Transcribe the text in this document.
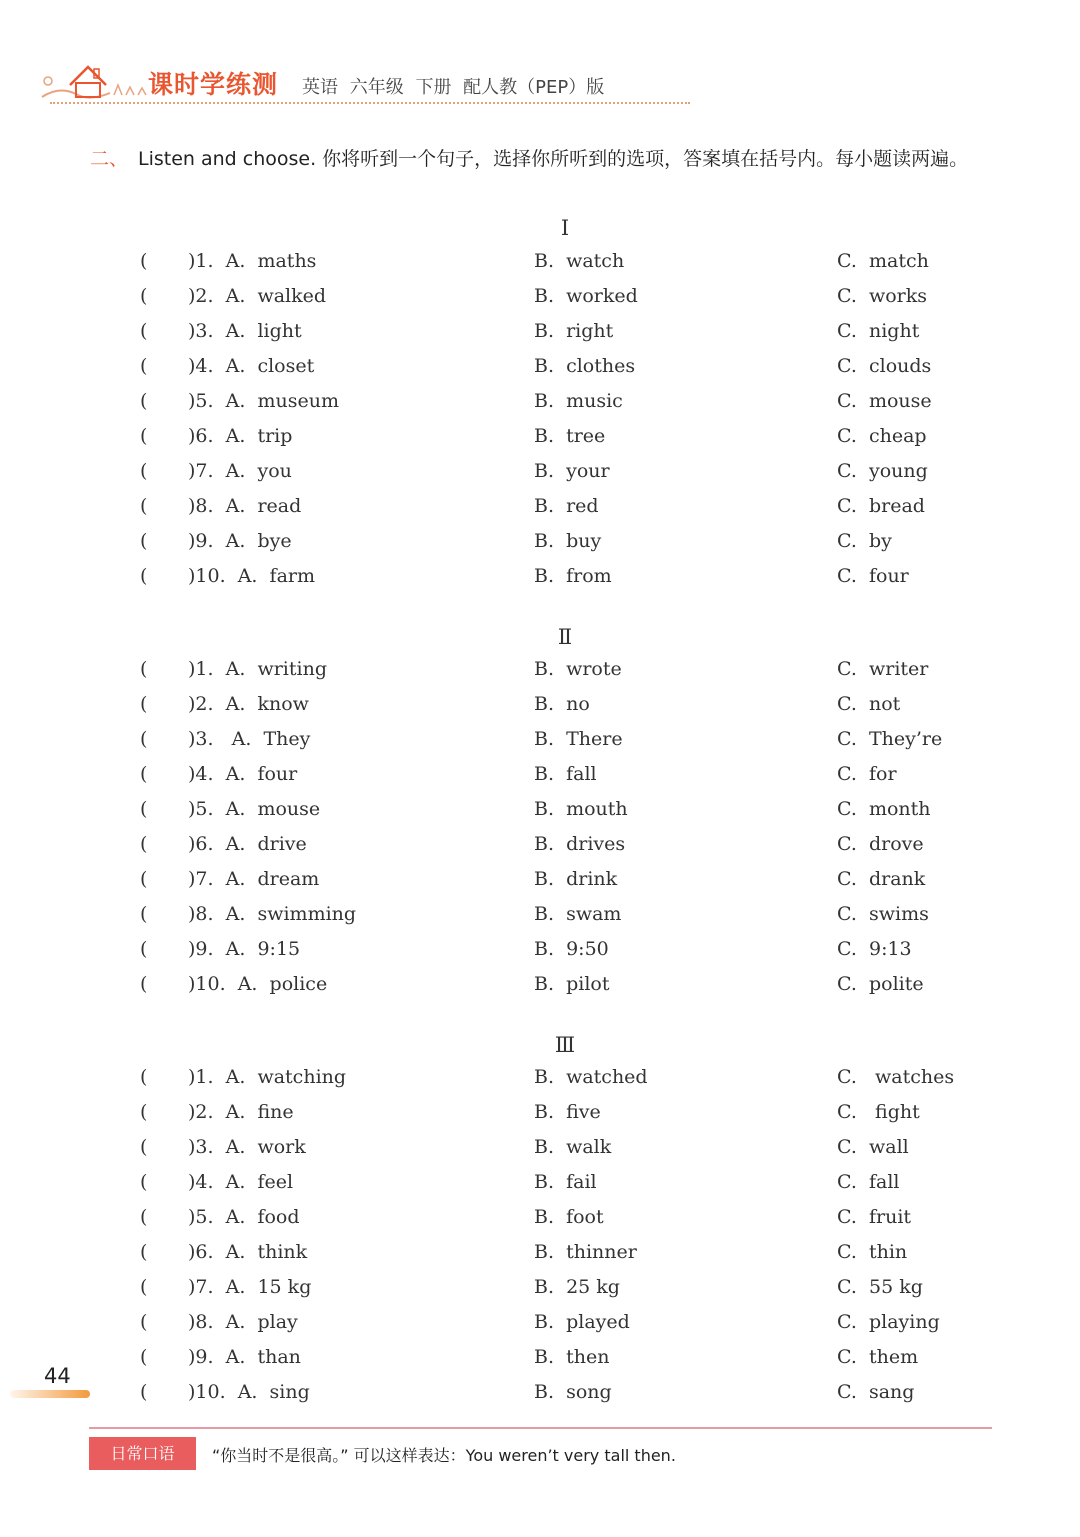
课时学练测 英语 六年级 下册 配人教（PEP）版
二、 Listen and choose. 你将听到一个句子，选择你所听到的选项，答案填在括号内。每小题读两遍。
Ⅰ
( )1.  A.  maths	B.  watch	C.  match
( )2.  A.  walked	B.  worked	C.  works
( )3.  A.  light	B.  right	C.  night
( )4.  A.  closet	B.  clothes	C.  clouds
( )5.  A.  museum	B.  music	C.  mouse
( )6.  A.  trip	B.  tree	C.  cheap
( )7.  A.  you	B.  your	C.  young
( )8.  A.  read	B.  red	C.  bread
( )9.  A.  bye	B.  buy	C.  by
( )10.  A.  farm	B.  from	C.  four
Ⅱ
( )1.  A.  writing	B.  wrote	C.  writer
( )2.  A.  know	B.  no	C.  not
( )3.   A.  They	B.  There	C.  They’re
( )4.  A.  four	B.  fall	C.  for
( )5.  A.  mouse	B.  mouth	C.  month
( )6.  A.  drive	B.  drives	C.  drove
( )7.  A.  dream	B.  drink	C.  drank
( )8.  A.  swimming	B.  swam	C.  swims
( )9.  A.  9:15	B.  9:50	C.  9:13
( )10.  A.  police	B.  pilot	C.  polite
Ⅲ
( )1.  A.  watching	B.  watched	C.   watches
( )2.  A.  fine	B.  five	C.   fight
( )3.  A.  work	B.  walk	C.  wall
( )4.  A.  feel	B.  fail	C.  fall
( )5.  A.  food	B.  foot	C.  fruit
( )6.  A.  think	B.  thinner	C.  thin
( )7.  A.  15 kg	B.  25 kg	C.  55 kg
( )8.  A.  play	B.  played	C.  playing
( )9.  A.  than	B.  then	C.  them
( )10.  A.  sing	B.  song	C.  sang
44
日常口语	“你当时不是很高。” 可以这样表达：You weren’t very tall then.
